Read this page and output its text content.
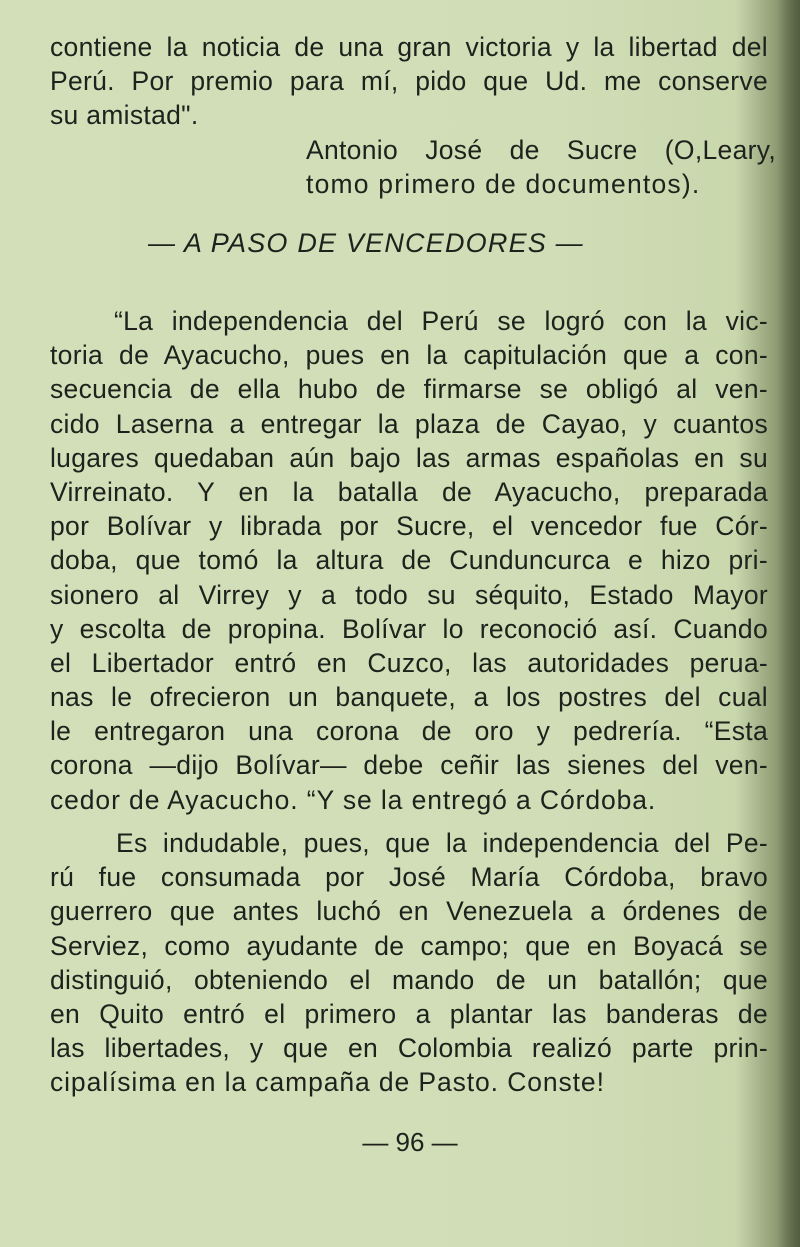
contiene la noticia de una gran victoria y la libertad del
Perú. Por premio para mí, pido que Ud. me conserve
su amistad".
Antonio José de Sucre (O,Leary,
tomo primero de documentos).
— A PASO DE VENCEDORES —
“La independencia del Perú se logró con la vic-
toria de Ayacucho, pues en la capitulación que a con-
secuencia de ella hubo de firmarse se obligó al ven-
cido Laserna a entregar la plaza de Cayao, y cuantos
lugares quedaban aún bajo las armas españolas en su
Virreinato. Y en la batalla de Ayacucho, preparada
por Bolívar y librada por Sucre, el vencedor fue Cór-
doba, que tomó la altura de Cunduncurca e hizo pri-
sionero al Virrey y a todo su séquito, Estado Mayor
y escolta de propina. Bolívar lo reconoció así. Cuando
el Libertador entró en Cuzco, las autoridades perua-
nas le ofrecieron un banquete, a los postres del cual
le entregaron una corona de oro y pedrería. “Esta
corona —dijo Bolívar— debe ceñir las sienes del ven-
cedor de Ayacucho. “Y se la entregó a Córdoba.
Es indudable, pues, que la independencia del Pe-
rú fue consumada por José María Córdoba, bravo
guerrero que antes luchó en Venezuela a órdenes de
Serviez, como ayudante de campo; que en Boyacá se
distinguió, obteniendo el mando de un batallón; que
en Quito entró el primero a plantar las banderas de
las libertades, y que en Colombia realizó parte prin-
cipalísima en la campaña de Pasto. Conste!
— 96 —
